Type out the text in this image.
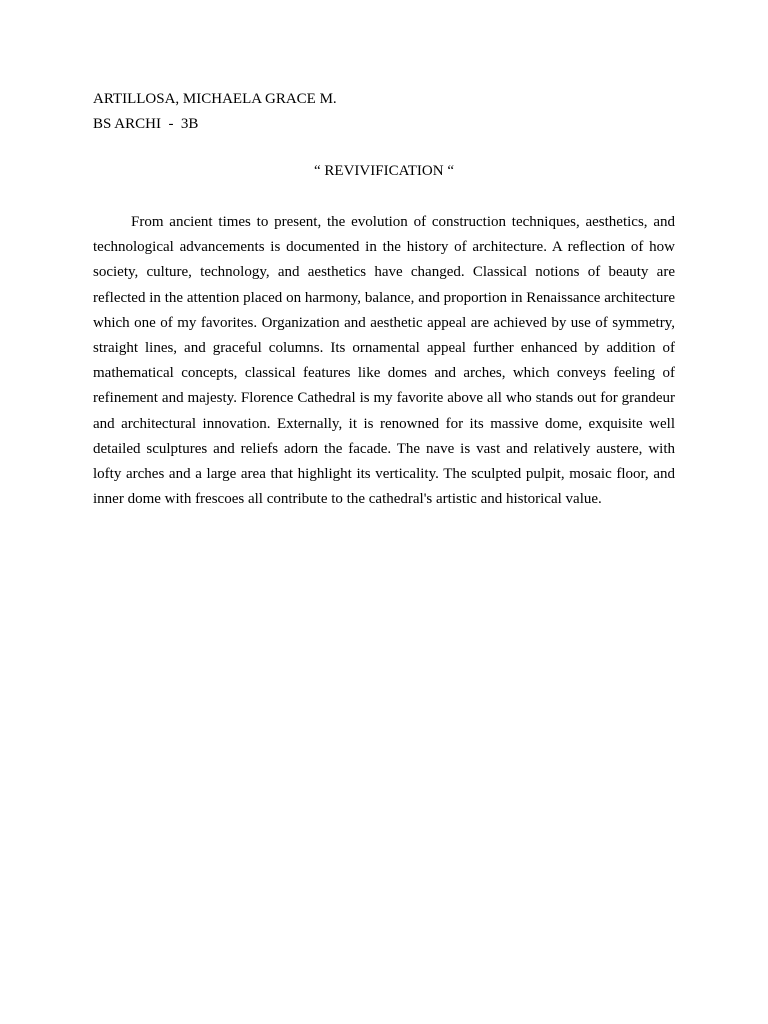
ARTILLOSA, MICHAELA GRACE M.
BS ARCHI  -  3B
“ REVIVIFICATION “

From ancient times to present, the evolution of construction techniques, aesthetics, and technological advancements is documented in the history of architecture. A reflection of how society, culture, technology, and aesthetics have changed. Classical notions of beauty are reflected in the attention placed on harmony, balance, and proportion in Renaissance architecture which one of my favorites. Organization and aesthetic appeal are achieved by use of symmetry, straight lines, and graceful columns. Its ornamental appeal further enhanced by addition of mathematical concepts, classical features like domes and arches, which conveys feeling of refinement and majesty. Florence Cathedral is my favorite above all who stands out for grandeur and architectural innovation. Externally, it is renowned for its massive dome, exquisite well detailed sculptures and reliefs adorn the facade. The nave is vast and relatively austere, with lofty arches and a large area that highlight its verticality. The sculpted pulpit, mosaic floor, and inner dome with frescoes all contribute to the cathedral's artistic and historical value.
